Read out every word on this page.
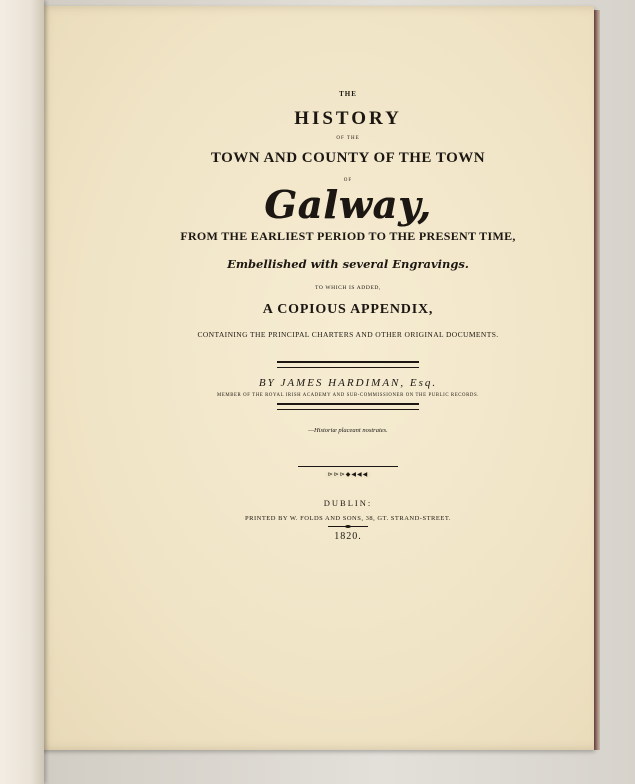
THE
HISTORY
OF THE
TOWN AND COUNTY OF THE TOWN
OF
Galway,
FROM THE EARLIEST PERIOD TO THE PRESENT TIME,
Embellished with several Engravings.
TO WHICH IS ADDED,
A COPIOUS APPENDIX,
CONTAINING THE PRINCIPAL CHARTERS AND OTHER ORIGINAL DOCUMENTS.
BY JAMES HARDIMAN, Esq.
MEMBER OF THE ROYAL IRISH ACADEMY AND SUB-COMMISSIONER ON THE PUBLIC RECORDS.
—Historiæ placeant nostrates.
⊳⊳⊳◆◀◀◀
DUBLIN:
PRINTED BY W. FOLDS AND SONS, 38, GT. STRAND-STREET.
1820.
